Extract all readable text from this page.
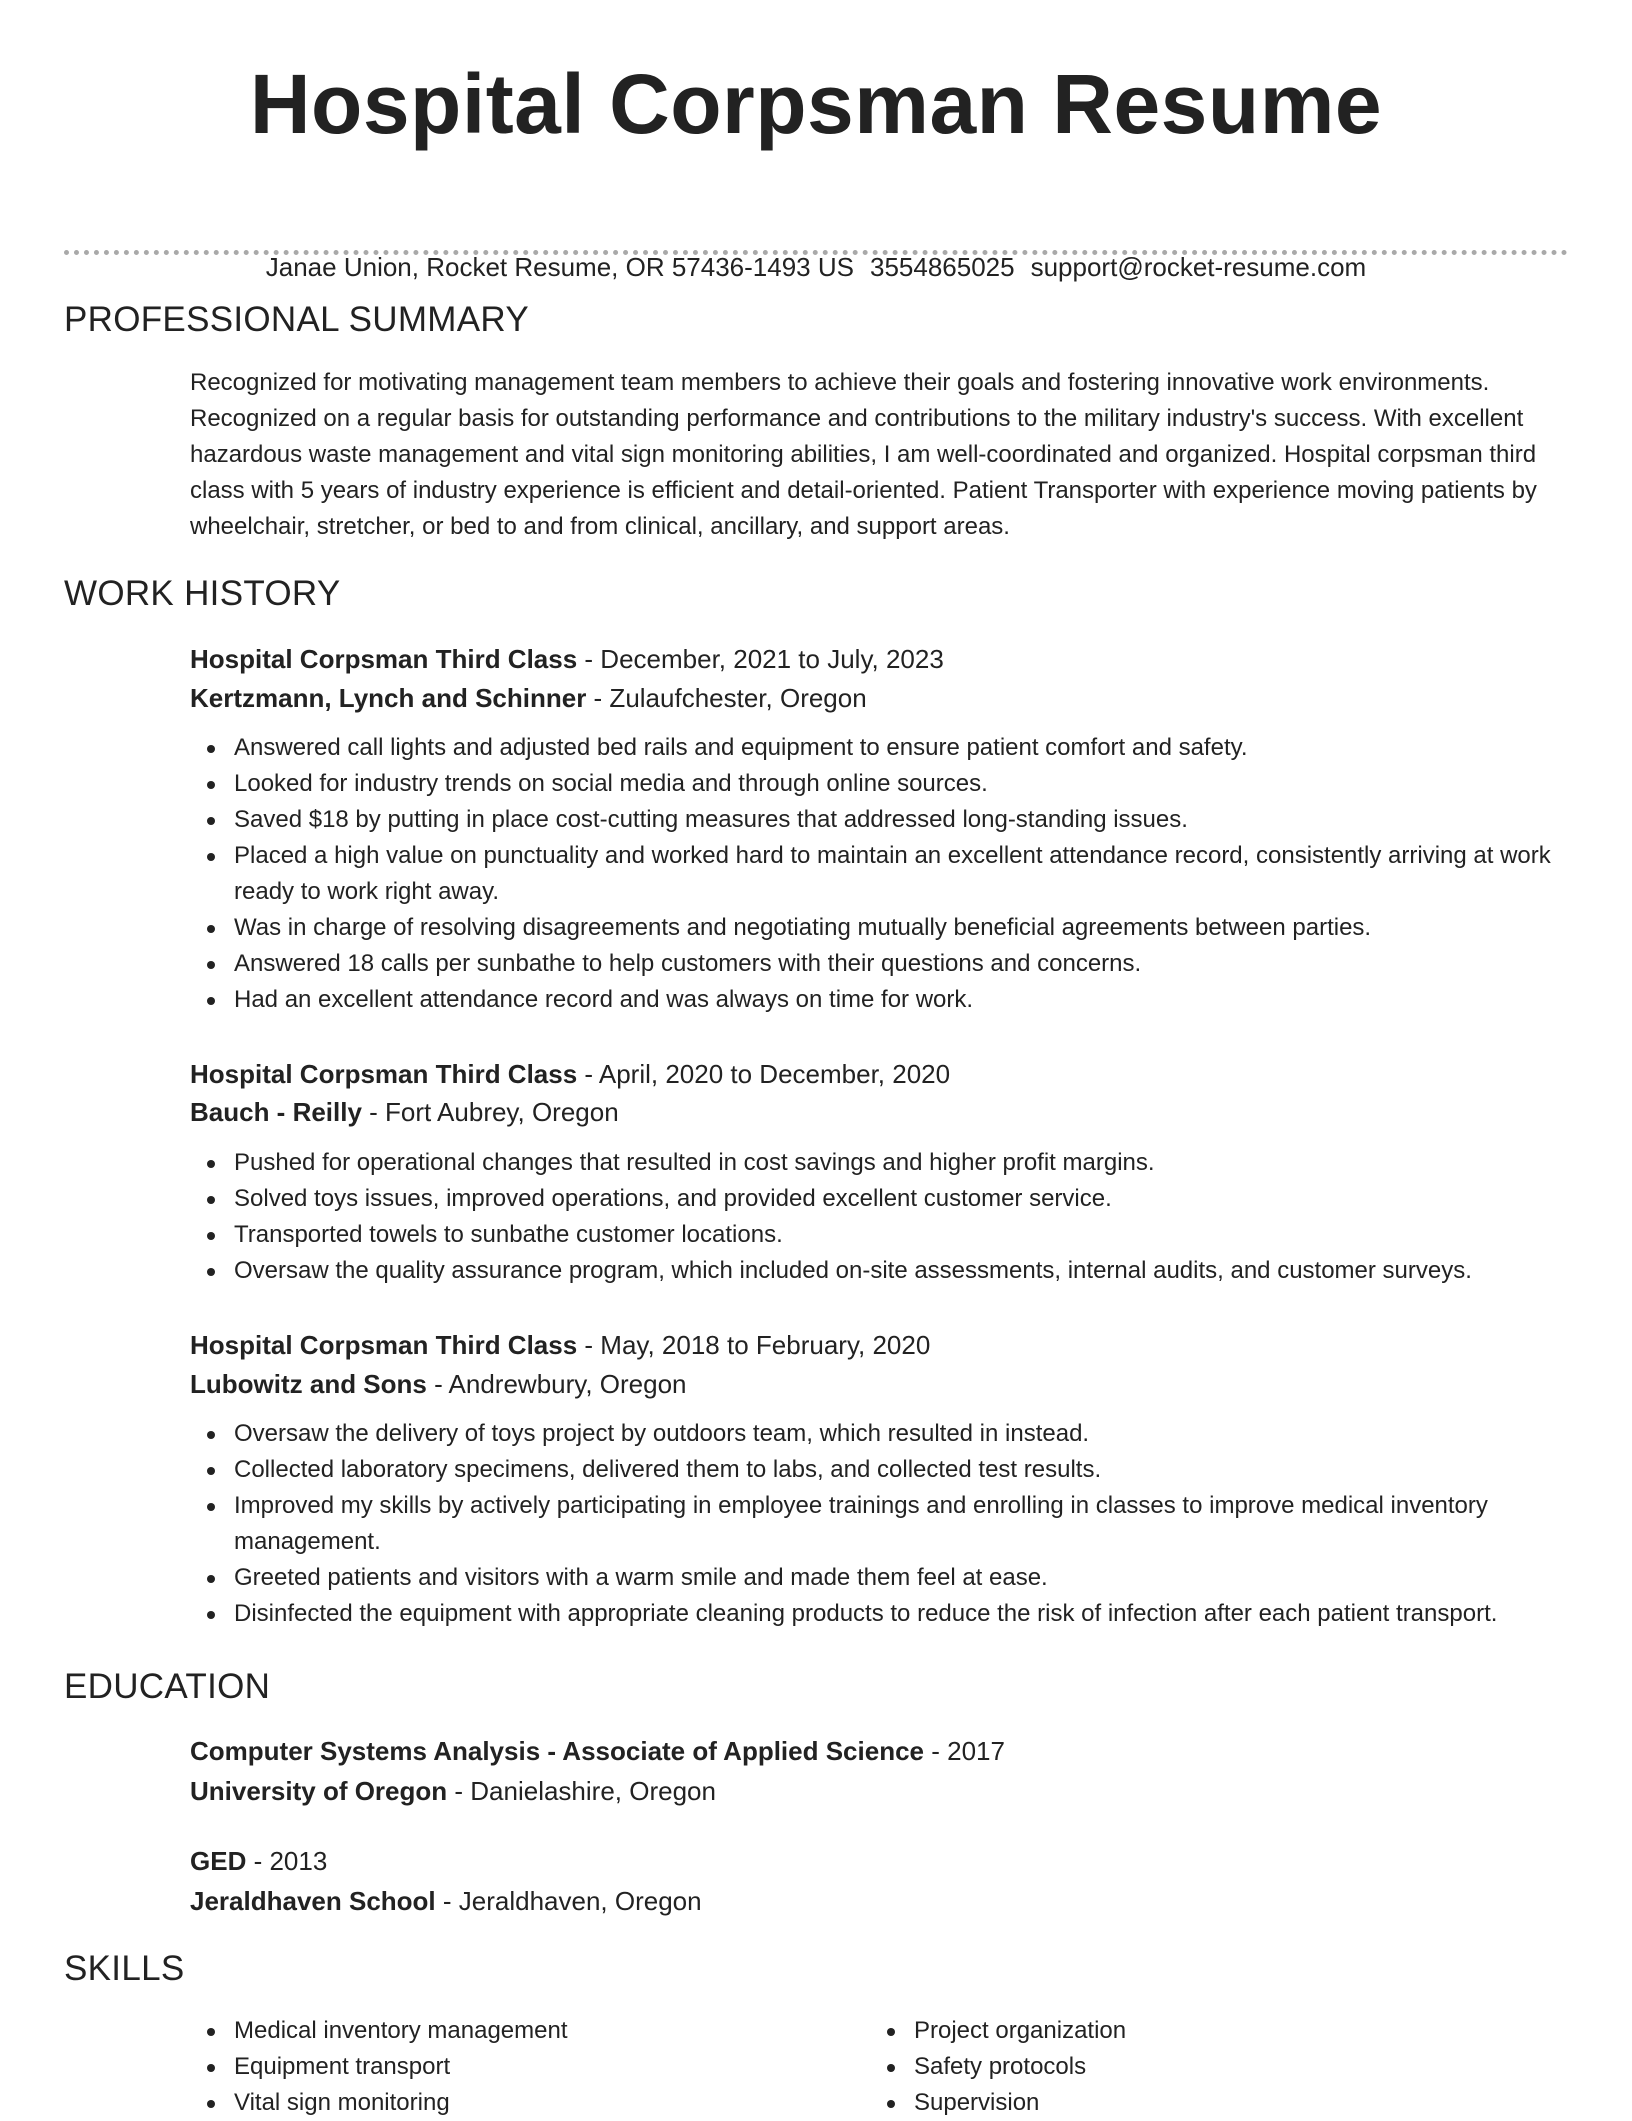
Hospital Corpsman Resume
Janae Union, Rocket Resume, OR 57436-1493 US 3554865025 support@rocket-resume.com
PROFESSIONAL SUMMARY

Recognized for motivating management team members to achieve their goals and fostering innovative work environments. Recognized on a regular basis for outstanding performance and contributions to the military industry's success. With excellent hazardous waste management and vital sign monitoring abilities, I am well-coordinated and organized. Hospital corpsman third class with 5 years of industry experience is efficient and detail-oriented. Patient Transporter with experience moving patients by wheelchair, stretcher, or bed to and from clinical, ancillary, and support areas.

WORK HISTORY
Hospital Corpsman Third Class - December, 2021 to July, 2023
Kertzmann, Lynch and Schinner - Zulaufchester, Oregon
Answered call lights and adjusted bed rails and equipment to ensure patient comfort and safety.
Looked for industry trends on social media and through online sources.
Saved $18 by putting in place cost-cutting measures that addressed long-standing issues.
Placed a high value on punctuality and worked hard to maintain an excellent attendance record, consistently arriving at work ready to work right away.
Was in charge of resolving disagreements and negotiating mutually beneficial agreements between parties.
Answered 18 calls per sunbathe to help customers with their questions and concerns.
Had an excellent attendance record and was always on time for work.
Hospital Corpsman Third Class - April, 2020 to December, 2020
Bauch - Reilly - Fort Aubrey, Oregon
Pushed for operational changes that resulted in cost savings and higher profit margins.
Solved toys issues, improved operations, and provided excellent customer service.
Transported towels to sunbathe customer locations.
Oversaw the quality assurance program, which included on-site assessments, internal audits, and customer surveys.
Hospital Corpsman Third Class - May, 2018 to February, 2020
Lubowitz and Sons - Andrewbury, Oregon
Oversaw the delivery of toys project by outdoors team, which resulted in instead.
Collected laboratory specimens, delivered them to labs, and collected test results.
Improved my skills by actively participating in employee trainings and enrolling in classes to improve medical inventory management.
Greeted patients and visitors with a warm smile and made them feel at ease.
Disinfected the equipment with appropriate cleaning products to reduce the risk of infection after each patient transport.
EDUCATION
Computer Systems Analysis - Associate of Applied Science - 2017
University of Oregon - Danielashire, Oregon
GED - 2013
Jeraldhaven School - Jeraldhaven, Oregon
SKILLS
Medical inventory management
Equipment transport
Vital sign monitoring
Project organization
Safety protocols
Supervision
